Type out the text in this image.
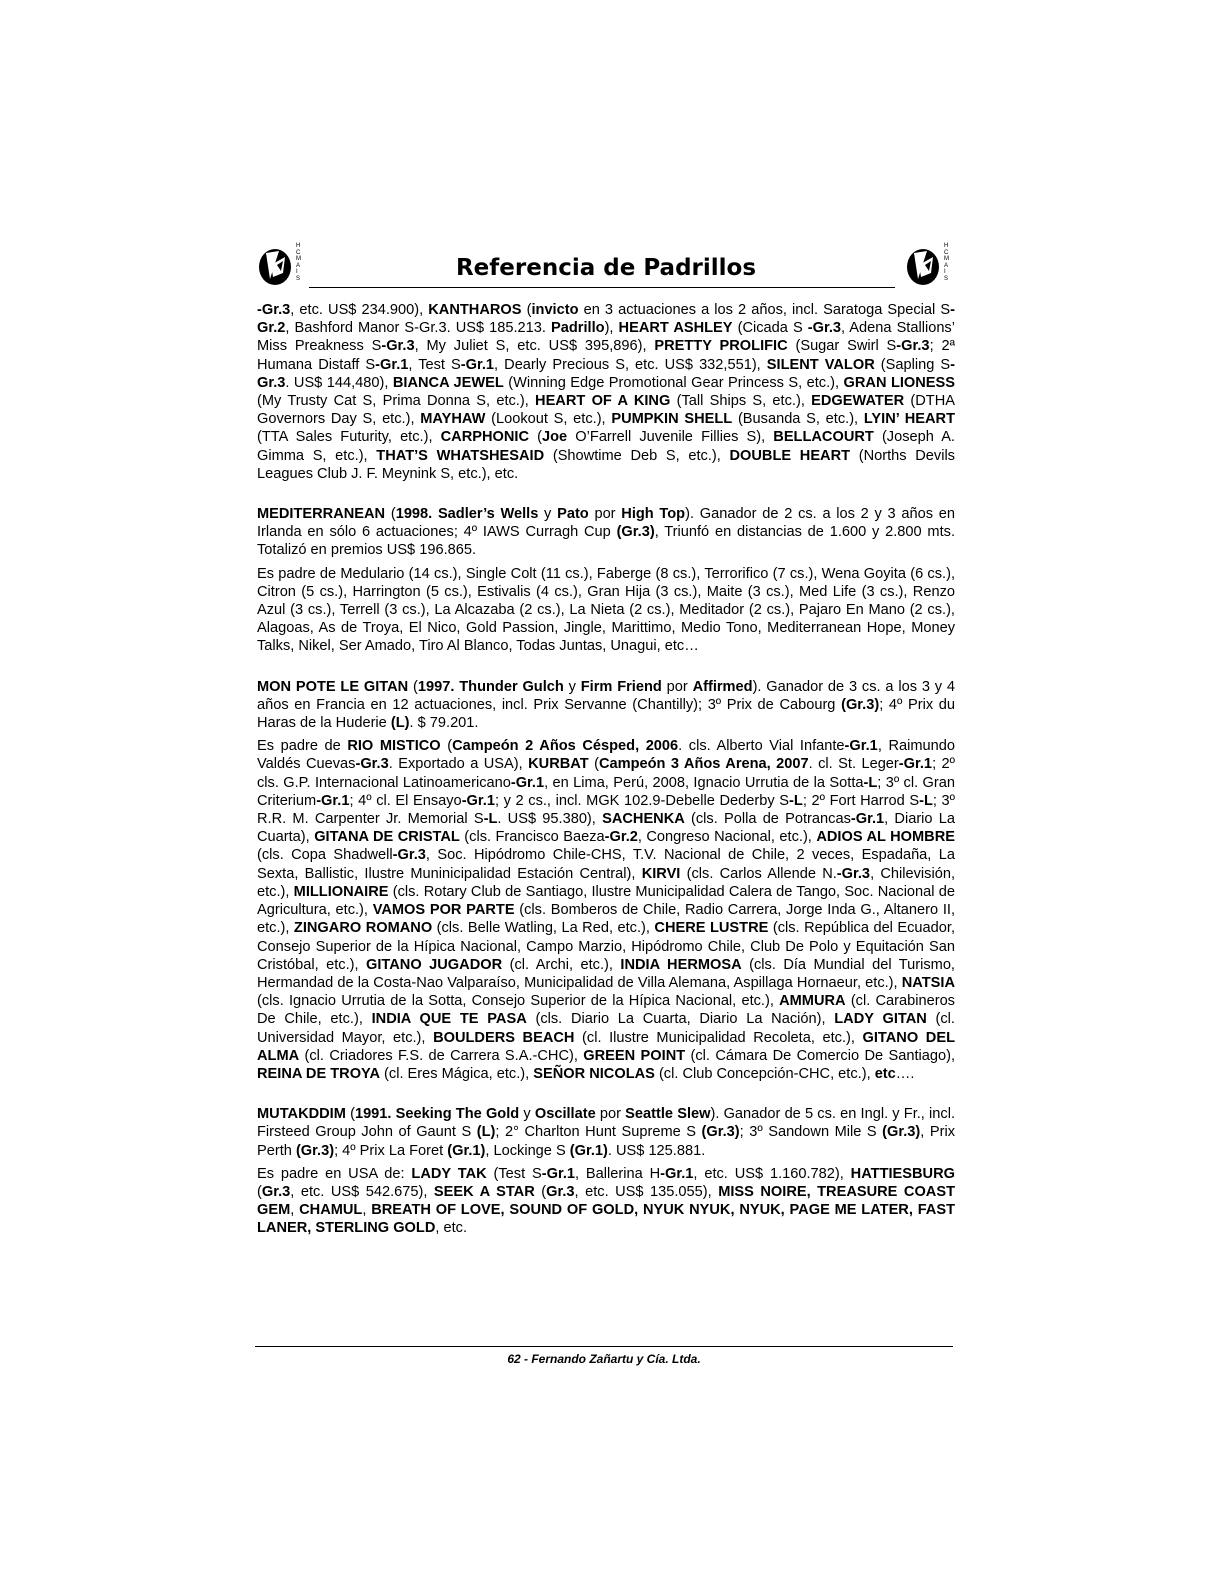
H
C
M
A
I
S	Referencia de Padrillos
H
C
M
A
I
S

-Gr.3, etc. US$ 234.900), KANTHAROS (invicto en 3 actuaciones a los 2 años, incl. Saratoga Special S-Gr.2, Bashford Manor S-Gr.3. US$ 185.213. Padrillo), HEART ASHLEY (Cicada S -Gr.3, Adena Stallions’ Miss Preakness S-Gr.3, My Juliet S, etc. US$ 395,896), PRETTY PROLIFIC (Sugar Swirl S-Gr.3; 2ª Humana Distaff S-Gr.1, Test S-Gr.1, Dearly Precious S, etc. US$ 332,551), SILENT VALOR (Sapling S-Gr.3. US$ 144,480), BIANCA JEWEL (Winning Edge Promotional Gear Princess S, etc.), GRAN LIONESS (My Trusty Cat S, Prima Donna S, etc.), HEART OF A KING (Tall Ships S, etc.), EDGEWATER (DTHA Governors Day S, etc.), MAYHAW (Lookout S, etc.), PUMPKIN SHELL (Busanda S, etc.), LYIN’ HEART (TTA Sales Futurity, etc.), CARPHONIC (Joe O’Farrell Juvenile Fillies S), BELLACOURT (Joseph A. Gimma S, etc.), THAT’S WHATSHESAID (Showtime Deb S, etc.), DOUBLE HEART (Norths Devils Leagues Club J. F. Meynink S, etc.), etc.

MEDITERRANEAN (1998. Sadler’s Wells y Pato por High Top). Ganador de 2 cs. a los 2 y 3 años en Irlanda en sólo 6 actuaciones; 4º IAWS Curragh Cup (Gr.3), Triunfó en distancias de 1.600 y 2.800 mts. Totalizó en premios US$ 196.865.

Es padre de Medulario (14 cs.), Single Colt (11 cs.), Faberge (8 cs.), Terrorifico (7 cs.), Wena Goyita (6 cs.), Citron (5 cs.), Harrington (5 cs.), Estivalis (4 cs.), Gran Hija (3 cs.), Maite (3 cs.), Med Life (3 cs.), Renzo Azul (3 cs.), Terrell (3 cs.), La Alcazaba (2 cs.), La Nieta (2 cs.), Meditador (2 cs.), Pajaro En Mano (2 cs.), Alagoas, As de Troya, El Nico, Gold Passion, Jingle, Marittimo, Medio Tono, Mediterranean Hope, Money Talks, Nikel, Ser Amado, Tiro Al Blanco, Todas Juntas, Unagui, etc…

MON POTE LE GITAN (1997. Thunder Gulch y Firm Friend por Affirmed). Ganador de 3 cs. a los 3 y 4 años en Francia en 12 actuaciones, incl. Prix Servanne (Chantilly); 3º Prix de Cabourg (Gr.3); 4º Prix du Haras de la Huderie (L). $ 79.201.

Es padre de RIO MISTICO (Campeón 2 Años Césped, 2006. cls. Alberto Vial Infante-Gr.1, Raimundo Valdés Cuevas-Gr.3. Exportado a USA), KURBAT (Campeón 3 Años Arena, 2007. cl. St. Leger-Gr.1; 2º cls. G.P. Internacional Latinoamericano-Gr.1, en Lima, Perú, 2008, Ignacio Urrutia de la Sotta-L; 3º cl. Gran Criterium-Gr.1; 4º cl. El Ensayo-Gr.1; y 2 cs., incl. MGK 102.9-Debelle Dederby S-L; 2º Fort Harrod S-L; 3º R.R. M. Carpenter Jr. Memorial S-L. US$ 95.380), SACHENKA (cls. Polla de Potrancas-Gr.1, Diario La Cuarta), GITANA DE CRISTAL (cls. Francisco Baeza-Gr.2, Congreso Nacional, etc.), ADIOS AL HOMBRE (cls. Copa Shadwell-Gr.3, Soc. Hipódromo Chile-CHS, T.V. Nacional de Chile, 2 veces, Espadaña, La Sexta, Ballistic, Ilustre Muninicipalidad Estación Central), KIRVI (cls. Carlos Allende N.-Gr.3, Chilevisión, etc.), MILLIONAIRE (cls. Rotary Club de Santiago, Ilustre Municipalidad Calera de Tango, Soc. Nacional de Agricultura, etc.), VAMOS POR PARTE (cls. Bomberos de Chile, Radio Carrera, Jorge Inda G., Altanero II, etc.), ZINGARO ROMANO (cls. Belle Watling, La Red, etc.), CHERE LUSTRE (cls. República del Ecuador, Consejo Superior de la Hípica Nacional, Campo Marzio, Hipódromo Chile, Club De Polo y Equitación San Cristóbal, etc.), GITANO JUGADOR (cl. Archi, etc.), INDIA HERMOSA (cls. Día Mundial del Turismo, Hermandad de la Costa-Nao Valparaíso, Municipalidad de Villa Alemana, Aspillaga Hornaeur, etc.), NATSIA (cls. Ignacio Urrutia de la Sotta, Consejo Superior de la Hípica Nacional, etc.), AMMURA (cl. Carabineros De Chile, etc.), INDIA QUE TE PASA (cls. Diario La Cuarta, Diario La Nación), LADY GITAN (cl. Universidad Mayor, etc.), BOULDERS BEACH (cl. Ilustre Municipalidad Recoleta, etc.), GITANO DEL ALMA (cl. Criadores F.S. de Carrera S.A.-CHC), GREEN POINT (cl. Cámara De Comercio De Santiago), REINA DE TROYA (cl. Eres Mágica, etc.), SEÑOR NICOLAS (cl. Club Concepción-CHC, etc.), etc….

MUTAKDDIM (1991. Seeking The Gold y Oscillate por Seattle Slew). Ganador de 5 cs. en Ingl. y Fr., incl. Firsteed Group John of Gaunt S (L); 2° Charlton Hunt Supreme S (Gr.3); 3º Sandown Mile S (Gr.3), Prix Perth (Gr.3); 4º Prix La Foret (Gr.1), Lockinge S (Gr.1). US$ 125.881.

Es padre en USA de: LADY TAK (Test S-Gr.1, Ballerina H-Gr.1, etc. US$ 1.160.782), HATTIESBURG (Gr.3, etc. US$ 542.675), SEEK A STAR (Gr.3, etc. US$ 135.055), MISS NOIRE, TREASURE COAST GEM, CHAMUL, BREATH OF LOVE, SOUND OF GOLD, NYUK NYUK, NYUK, PAGE ME LATER, FAST LANER, STERLING GOLD, etc.

62 - Fernando Zañartu y Cía. Ltda.
